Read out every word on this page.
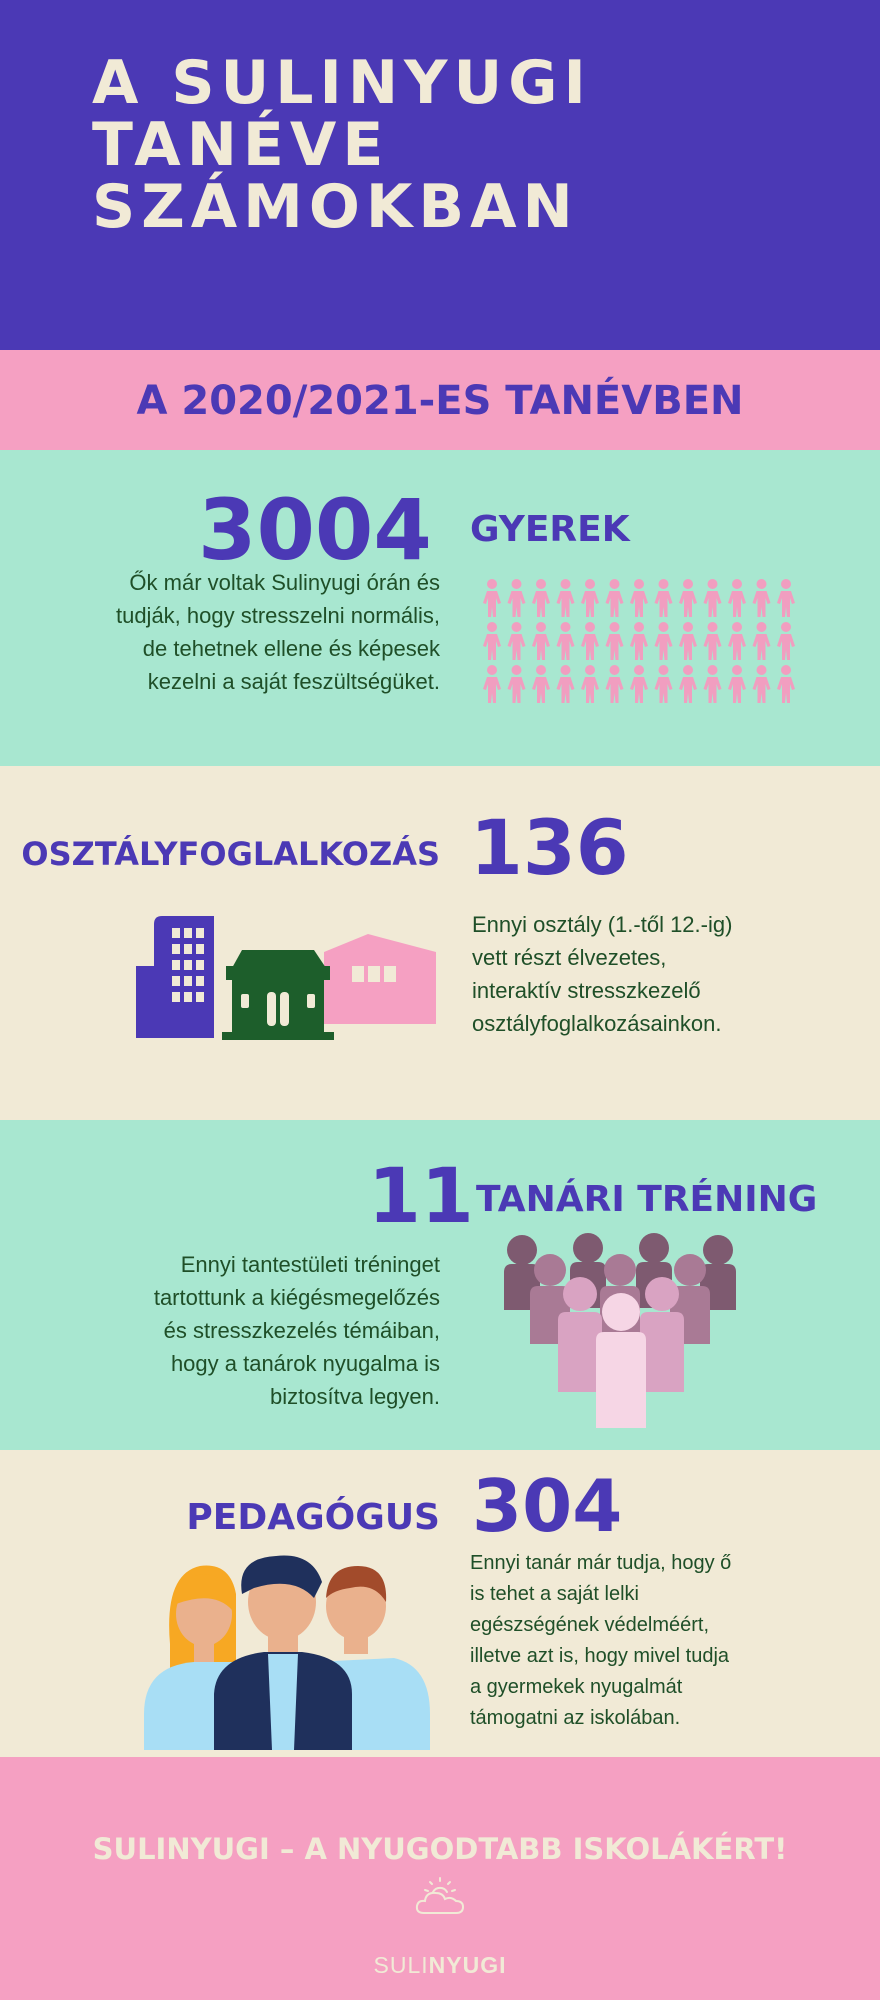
A SULINYUGI
TANÉVE
SZÁMOKBAN
A 2020/2021-ES TANÉVBEN
3004 GYEREK
Ők már voltak Sulinyugi órán és
tudják, hogy stresszelni normális,
de tehetnek ellene és képesek
kezelni a saját feszültségüket.
OSZTÁLYFOGLALKOZÁS 136
Ennyi osztály (1.-től 12.-ig)
vett részt élvezetes,
interaktív stresszkezelő
osztályfoglalkozásainkon.
11 TANÁRI TRÉNING
Ennyi tantestületi tréninget
tartottunk a kiégésmegelőzés
és stresszkezelés témáiban,
hogy a tanárok nyugalma is
biztosítva legyen.
PEDAGÓGUS 304
Ennyi tanár már tudja, hogy ő
is tehet a saját lelki
egészségének védelméért,
illetve azt is, hogy mivel tudja
a gyermekek nyugalmát
támogatni az iskolában.
SULINYUGI – A NYUGODTABB ISKOLÁKÉRT!
SULINYUGI
